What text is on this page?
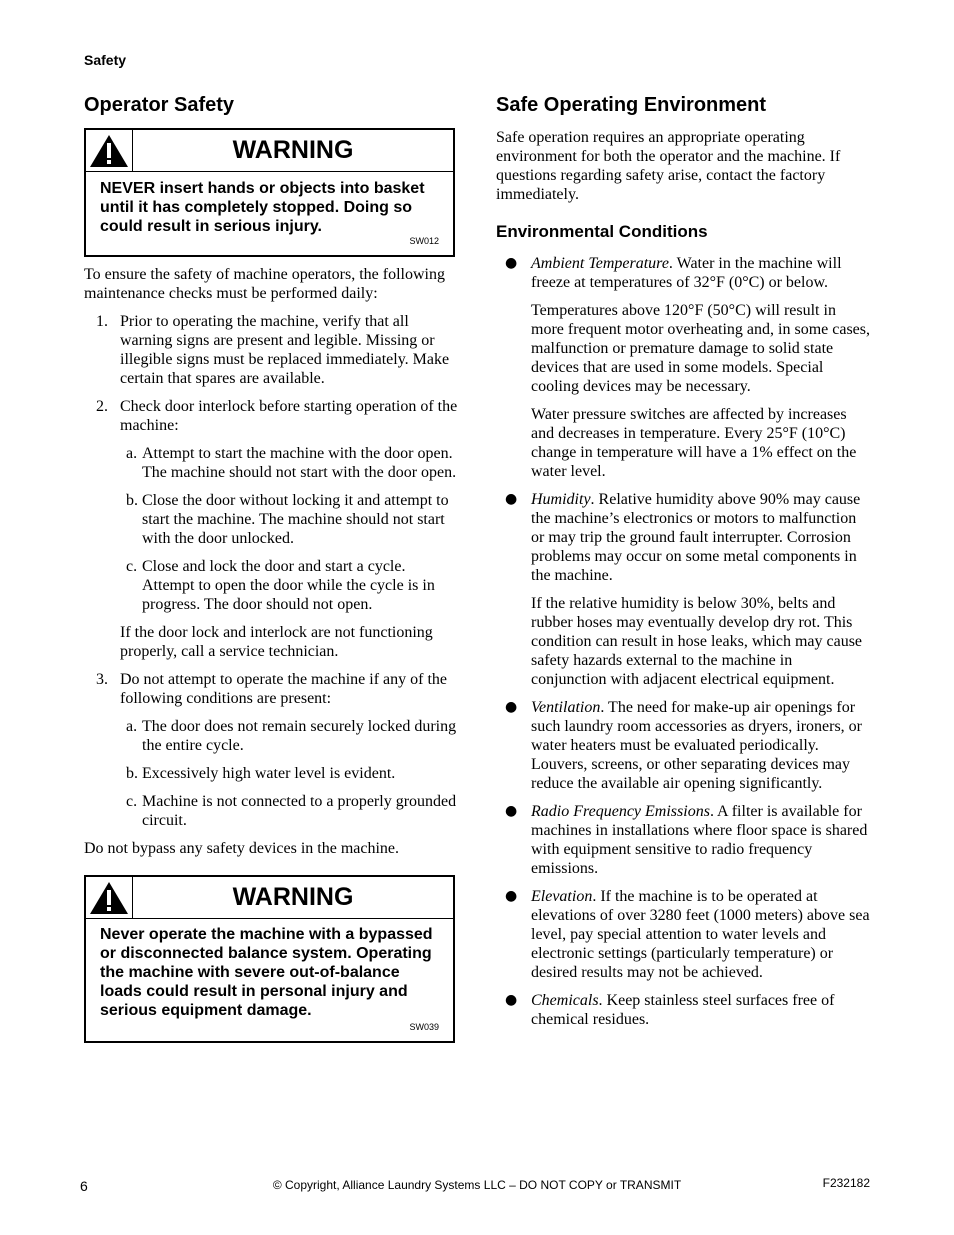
Safety
Operator Safety
WARNING
NEVER insert hands or objects into basket until it has completely stopped. Doing so could result in serious injury.
SW012

To ensure the safety of machine operators, the following maintenance checks must be performed daily:

1. Prior to operating the machine, verify that all warning signs are present and legible. Missing or illegible signs must be replaced immediately. Make certain that spares are available.

2. Check door interlock before starting operation of the machine:

a. Attempt to start the machine with the door open. The machine should not start with the door open.

b. Close the door without locking it and attempt to start the machine. The machine should not start with the door unlocked.

c. Close and lock the door and start a cycle. Attempt to open the door while the cycle is in progress. The door should not open.

If the door lock and interlock are not functioning properly, call a service technician.

3. Do not attempt to operate the machine if any of the following conditions are present:

a. The door does not remain securely locked during the entire cycle.

b. Excessively high water level is evident.

c. Machine is not connected to a properly grounded circuit.

Do not bypass any safety devices in the machine.

WARNING
Never operate the machine with a bypassed or disconnected balance system. Operating the machine with severe out-of-balance loads could result in personal injury and serious equipment damage.
SW039
Safe Operating Environment

Safe operation requires an appropriate operating environment for both the operator and the machine. If questions regarding safety arise, contact the factory immediately.

Environmental Conditions
● Ambient Temperature. Water in the machine will freeze at temperatures of 32°F (0°C) or below.

Temperatures above 120°F (50°C) will result in more frequent motor overheating and, in some cases, malfunction or premature damage to solid state devices that are used in some models. Special cooling devices may be necessary.

Water pressure switches are affected by increases and decreases in temperature. Every 25°F (10°C) change in temperature will have a 1% effect on the water level.

● Humidity. Relative humidity above 90% may cause the machine’s electronics or motors to malfunction or may trip the ground fault interrupter. Corrosion problems may occur on some metal components in the machine.

If the relative humidity is below 30%, belts and rubber hoses may eventually develop dry rot. This condition can result in hose leaks, which may cause safety hazards external to the machine in conjunction with adjacent electrical equipment.

● Ventilation. The need for make-up air openings for such laundry room accessories as dryers, ironers, or water heaters must be evaluated periodically. Louvers, screens, or other separating devices may reduce the available air opening significantly.

● Radio Frequency Emissions. A filter is available for machines in installations where floor space is shared with equipment sensitive to radio frequency emissions.

● Elevation. If the machine is to be operated at elevations of over 3280 feet (1000 meters) above sea level, pay special attention to water levels and electronic settings (particularly temperature) or desired results may not be achieved.

● Chemicals. Keep stainless steel surfaces free of chemical residues.

6	© Copyright, Alliance Laundry Systems LLC – DO NOT COPY or TRANSMIT	F232182
